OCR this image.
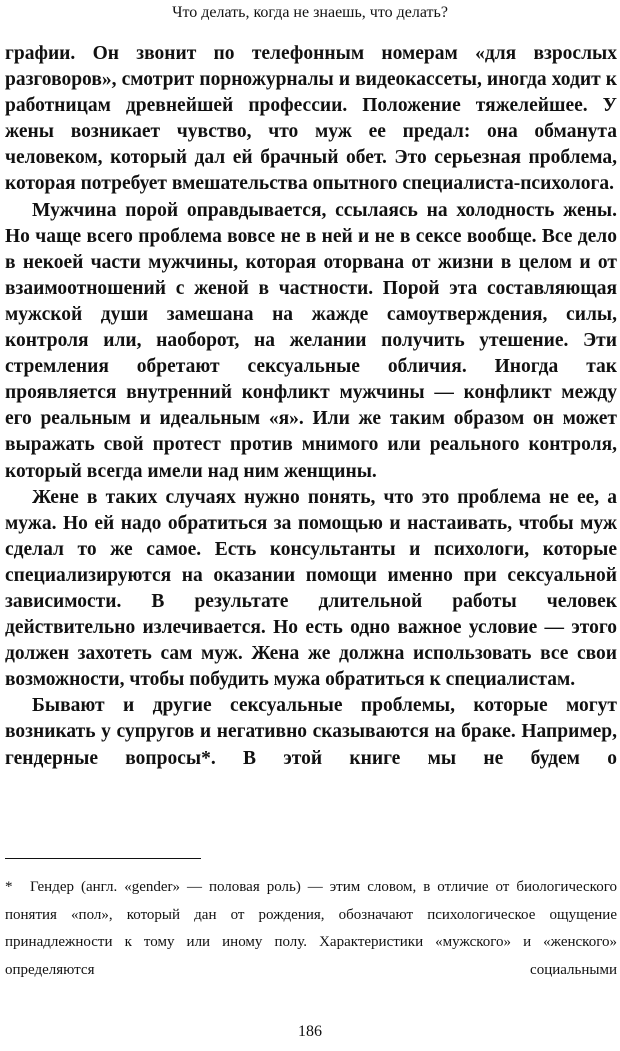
Что делать, когда не знаешь, что делать?

графии. Он звонит по телефонным номерам «для взрослых разговоров», смотрит порножурналы и видеокассеты, иногда ходит к работницам древнейшей профессии. Положение тяжелейшее. У жены возникает чувство, что муж ее предал: она обманута человеком, который дал ей брачный обет. Это серьезная проблема, которая потребует вмешательства опытного специалиста-психолога.

Мужчина порой оправдывается, ссылаясь на холодность жены. Но чаще всего проблема вовсе не в ней и не в сексе вообще. Все дело в некоей части мужчины, которая оторвана от жизни в целом и от взаимоотношений с женой в частности. Порой эта составляющая мужской души замешана на жажде самоутверждения, силы, контроля или, наоборот, на желании получить утешение. Эти стремления обретают сексуальные обличия. Иногда так проявляется внутренний конфликт мужчины — конфликт между его реальным и идеальным «я». Или же таким образом он может выражать свой протест против мнимого или реального контроля, который всегда имели над ним женщины.

Жене в таких случаях нужно понять, что это проблема не ее, а мужа. Но ей надо обратиться за помощью и настаивать, чтобы муж сделал то же самое. Есть консультанты и психологи, которые специализируются на оказании помощи именно при сексуальной зависимости. В результате длительной работы человек действительно излечивается. Но есть одно важное условие — этого должен захотеть сам муж. Жена же должна использовать все свои возможности, чтобы побудить мужа обратиться к специалистам.

Бывают и другие сексуальные проблемы, которые могут возникать у супругов и негативно сказываются на браке. Например, гендерные вопросы*. В этой книге мы не будем о

* Гендер (англ. «gender» — половая роль) — этим словом, в отличие от биологического понятия «пол», который дан от рождения, обозначают психологическое ощущение принадлежности к тому или иному полу. Характеристики «мужского» и «женского» определяются социальными

186
